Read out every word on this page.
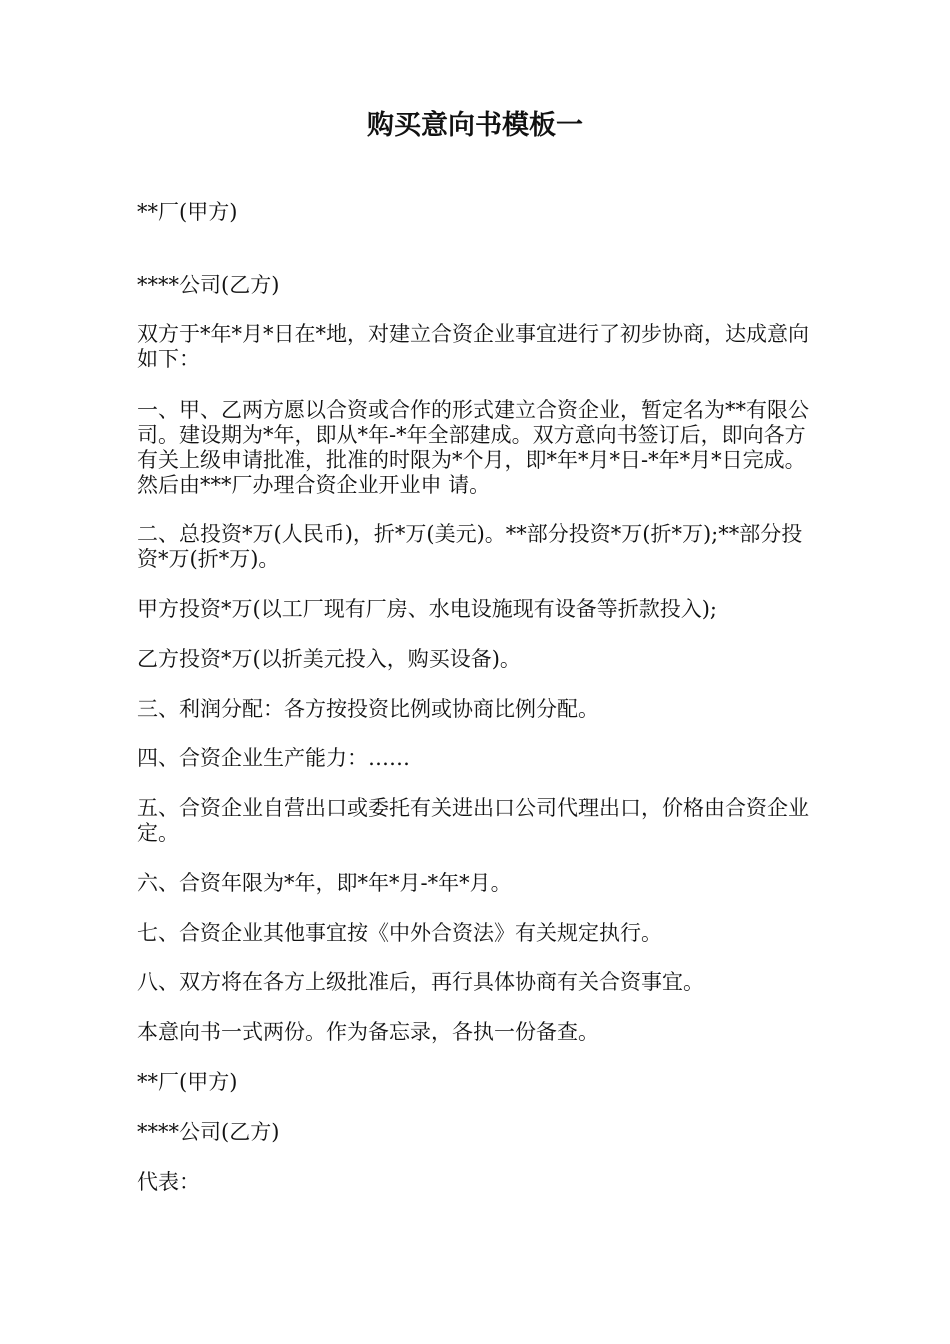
购买意向书模板一

**厂(甲方)

****公司(乙方)

双方于*年*月*日在*地，对建立合资企业事宜进行了初步协商，达成意向如下：

一、甲、乙两方愿以合资或合作的形式建立合资企业，暂定名为**有限公司。建设期为*年，即从*年-*年全部建成。双方意向书签订后，即向各方有关上级申请批准，批准的时限为*个月，即*年*月*日-*年*月*日完成。然后由***厂办理合资企业开业申 请。

二、总投资*万(人民币)，折*万(美元)。**部分投资*万(折*万);**部分投资*万(折*万)。

甲方投资*万(以工厂现有厂房、水电设施现有设备等折款投入);

乙方投资*万(以折美元投入，购买设备)。

三、利润分配：各方按投资比例或协商比例分配。

四、合资企业生产能力：……

五、合资企业自营出口或委托有关进出口公司代理出口，价格由合资企业定。

六、合资年限为*年，即*年*月-*年*月。

七、合资企业其他事宜按《中外合资法》有关规定执行。

八、双方将在各方上级批准后，再行具体协商有关合资事宜。

本意向书一式两份。作为备忘录，各执一份备查。

**厂(甲方)

****公司(乙方)

代表：
